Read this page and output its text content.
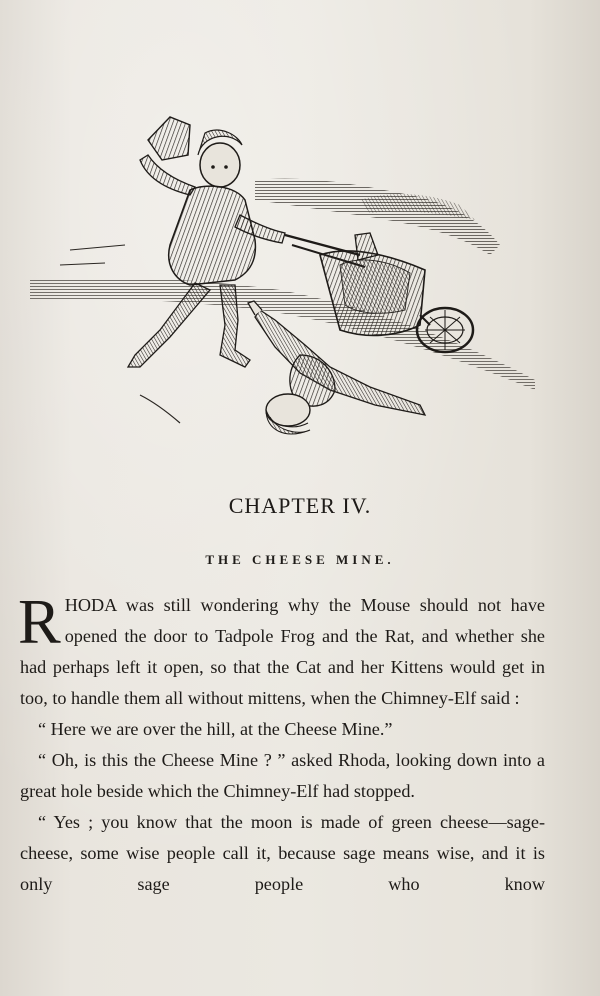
CHAPTER IV.
THE CHEESE MINE.

RHODA was still wondering why the Mouse should not have opened the door to Tadpole Frog and the Rat, and whether she had perhaps left it open, so that the Cat and her Kittens would get in too, to handle them all without mittens, when the Chimney-Elf said :

“ Here we are over the hill, at the Cheese Mine.”

“ Oh, is this the Cheese Mine ? ” asked Rhoda, looking down into a great hole beside which the Chimney-Elf had stopped.

“ Yes ; you know that the moon is made of green cheese—sage-cheese, some wise people call it, because sage means wise, and it is only sage people who know
